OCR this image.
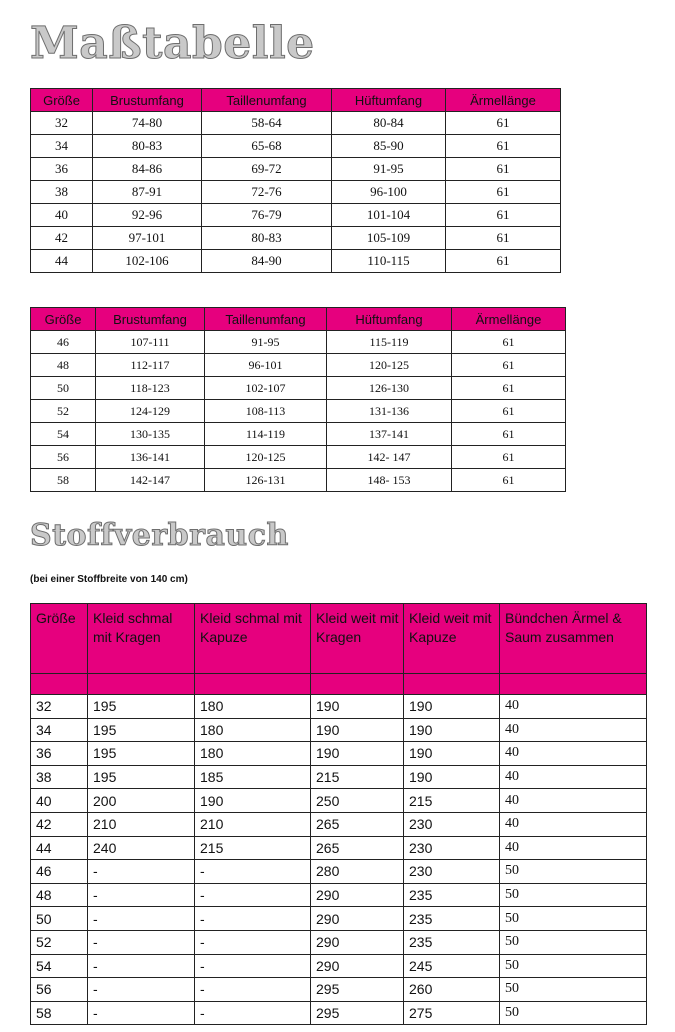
Maßtabelle
Größe	Brustumfang	Taillenumfang	Hüftumfang	Ärmellänge
32	74-80	58-64	80-84	61
34	80-83	65-68	85-90	61
36	84-86	69-72	91-95	61
38	87-91	72-76	96-100	61
40	92-96	76-79	101-104	61
42	97-101	80-83	105-109	61
44	102-106	84-90	110-115	61
Größe	Brustumfang	Taillenumfang	Hüftumfang	Ärmellänge
46	107-111	91-95	115-119	61
48	112-117	96-101	120-125	61
50	118-123	102-107	126-130	61
52	124-129	108-113	131-136	61
54	130-135	114-119	137-141	61
56	136-141	120-125	142- 147	61
58	142-147	126-131	148- 153	61
Stoffverbrauch
(bei einer Stoffbreite von 140 cm)
Größe	Kleid schmal mit Kragen	Kleid schmal mit Kapuze	Kleid weit mit Kragen	Kleid weit mit Kapuze	Bündchen Ärmel & Saum zusammen

32	195	180	190	190	40
34	195	180	190	190	40
36	195	180	190	190	40
38	195	185	215	190	40
40	200	190	250	215	40
42	210	210	265	230	40
44	240	215	265	230	40
46	-	-	280	230	50
48	-	-	290	235	50
50	-	-	290	235	50
52	-	-	290	235	50
54	-	-	290	245	50
56	-	-	295	260	50
58	-	-	295	275	50
